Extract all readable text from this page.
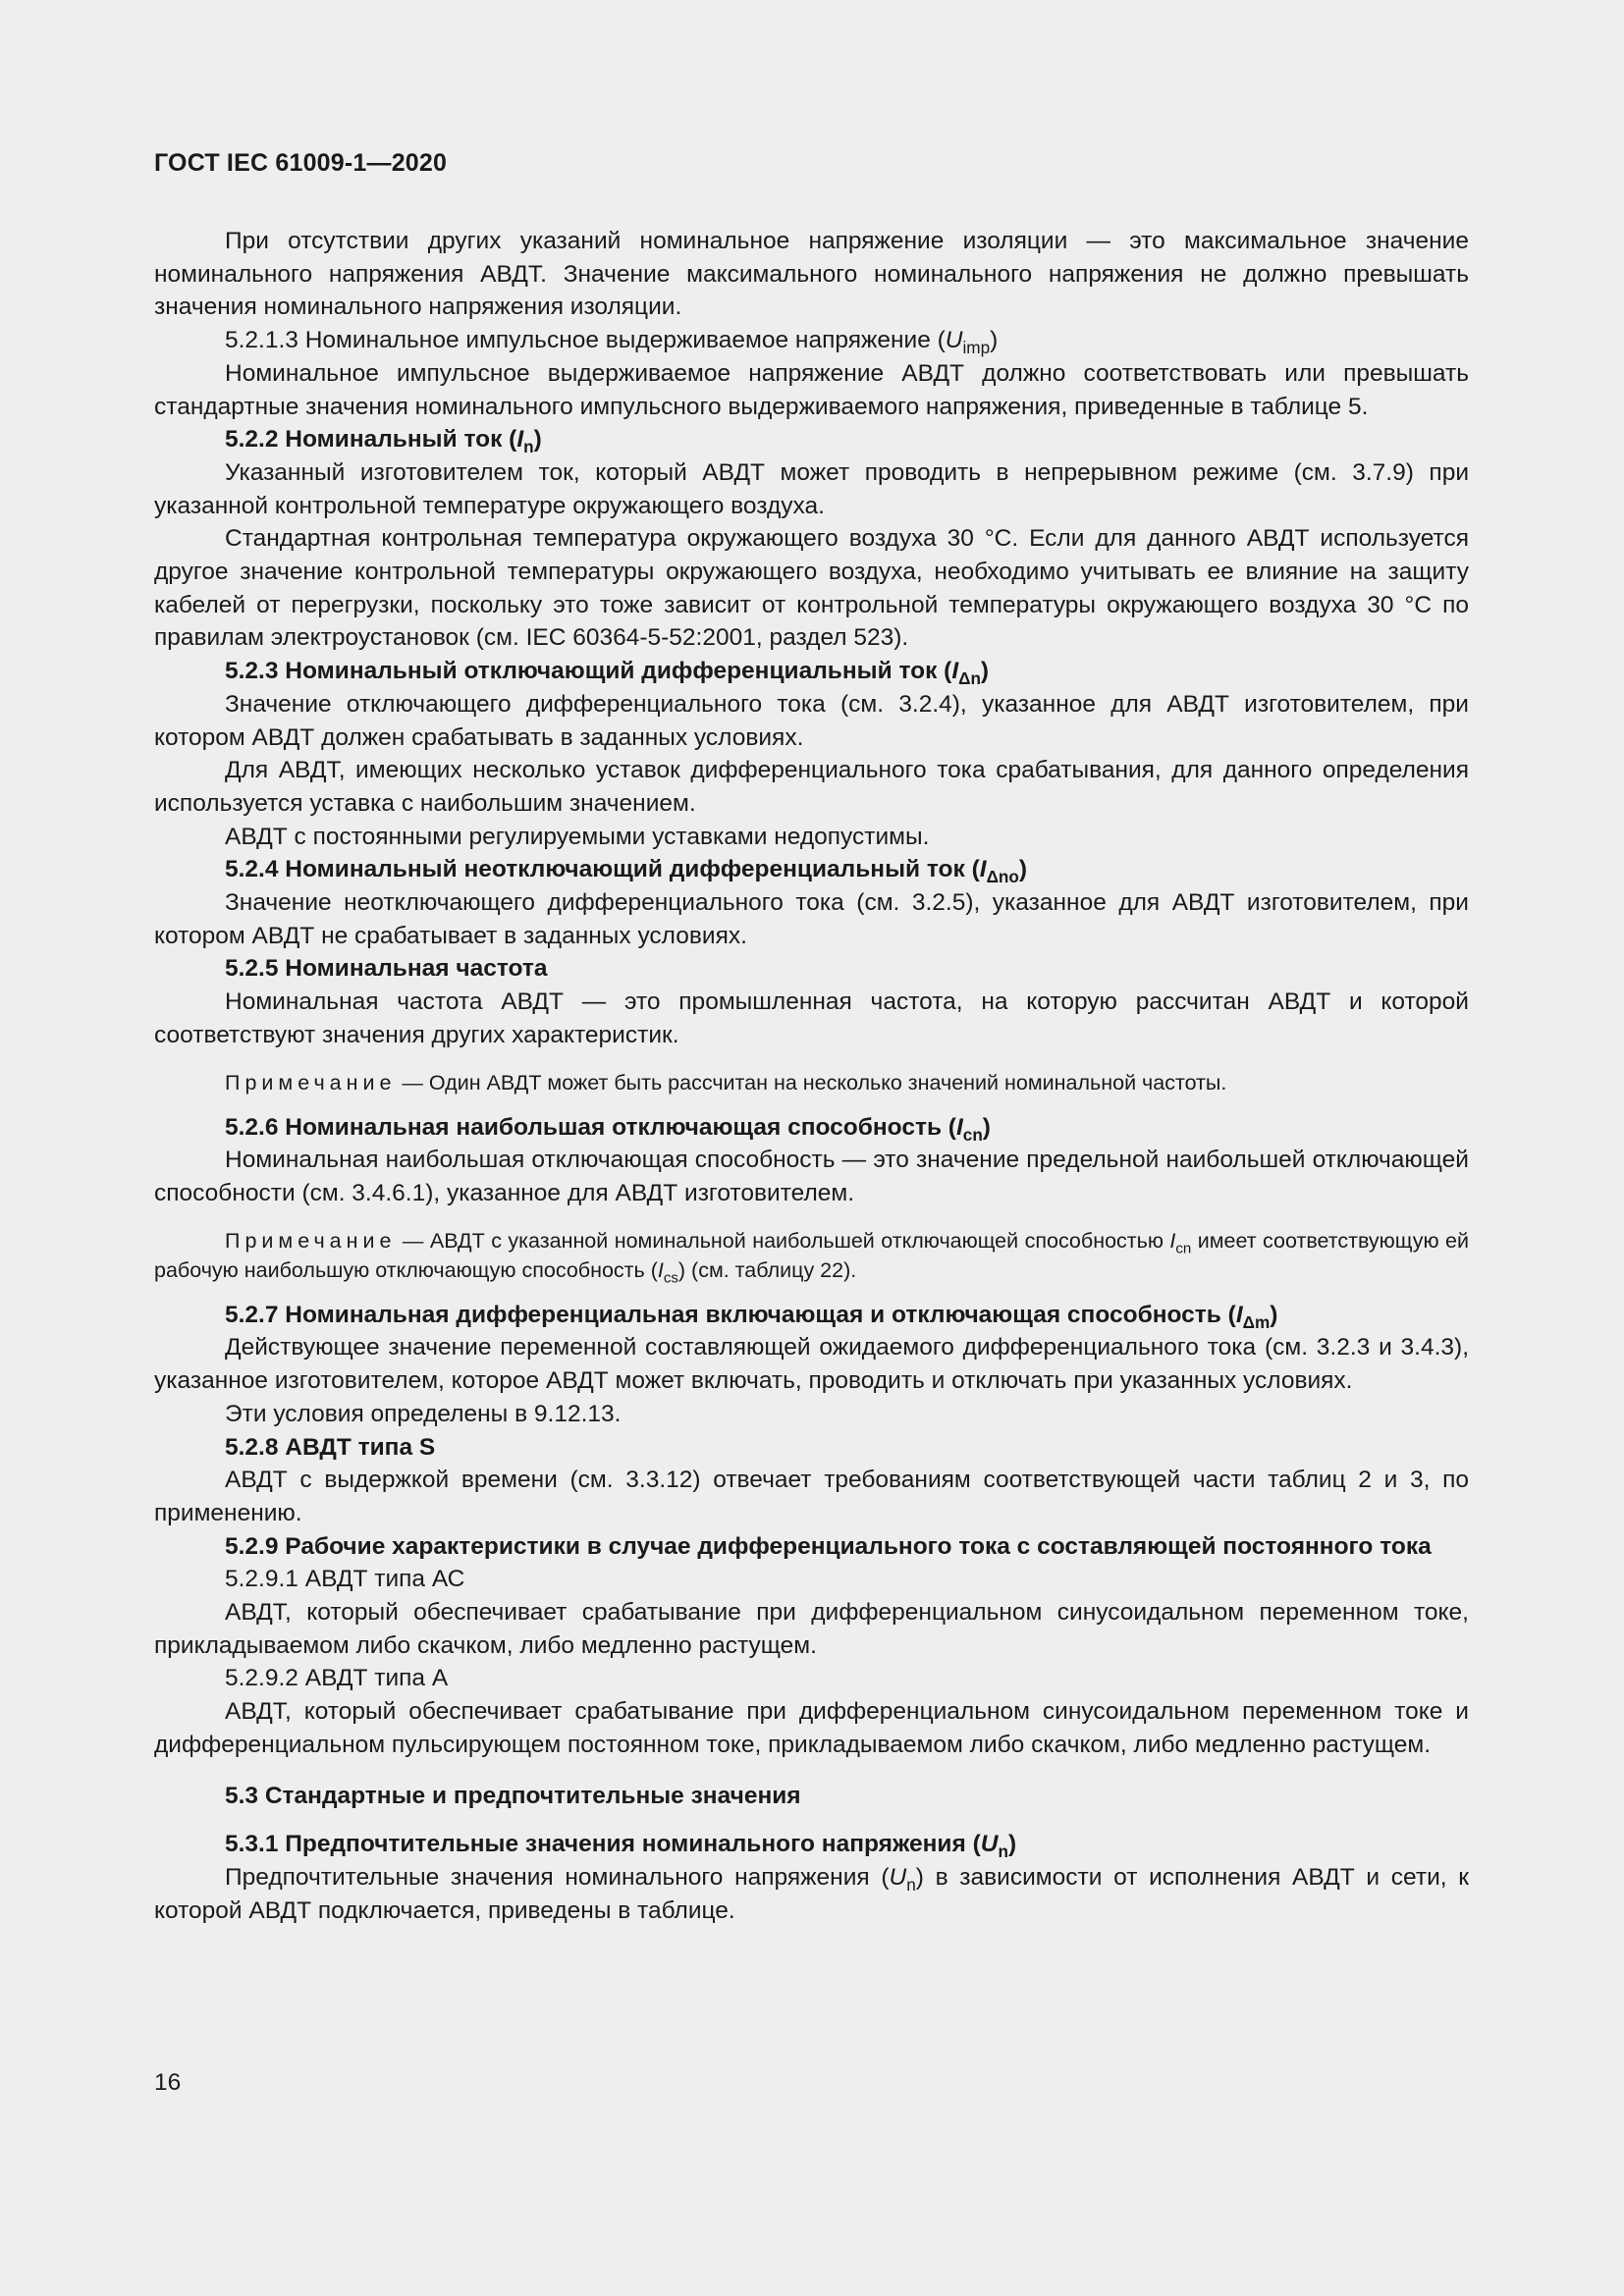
ГОСТ IEC 61009-1—2020

При отсутствии других указаний номинальное напряжение изоляции — это максимальное значение номинального напряжения АВДТ. Значение максимального номинального напряжения не должно превышать значения номинального напряжения изоляции.

5.2.1.3 Номинальное импульсное выдерживаемое напряжение $(U_{imp})$

Номинальное импульсное выдерживаемое напряжение АВДТ должно соответствовать или превышать стандартные значения номинального импульсного выдерживаемого напряжения, приведенные в таблице 5.

5.2.2 Номинальный ток $(I_n)$

Указанный изготовителем ток, который АВДТ может проводить в непрерывном режиме (см. 3.7.9) при указанной контрольной температуре окружающего воздуха.

Стандартная контрольная температура окружающего воздуха 30 °С. Если для данного АВДТ используется другое значение контрольной температуры окружающего воздуха, необходимо учитывать ее влияние на защиту кабелей от перегрузки, поскольку это тоже зависит от контрольной температуры окружающего воздуха 30 °С по правилам электроустановок (см. IEC 60364-5-52:2001, раздел 523).

5.2.3 Номинальный отключающий дифференциальный ток $(I_{\Delta n})$

Значение отключающего дифференциального тока (см. 3.2.4), указанное для АВДТ изготовителем, при котором АВДТ должен срабатывать в заданных условиях.

Для АВДТ, имеющих несколько уставок дифференциального тока срабатывания, для данного определения используется уставка с наибольшим значением.

АВДТ с постоянными регулируемыми уставками недопустимы.

5.2.4 Номинальный неотключающий дифференциальный ток $(I_{\Delta no})$

Значение неотключающего дифференциального тока (см. 3.2.5), указанное для АВДТ изготовителем, при котором АВДТ не срабатывает в заданных условиях.

5.2.5 Номинальная частота

Номинальная частота АВДТ — это промышленная частота, на которую рассчитан АВДТ и которой соответствуют значения других характеристик.

Примечание — Один АВДТ может быть рассчитан на несколько значений номинальной частоты.

5.2.6 Номинальная наибольшая отключающая способность $(I_{cn})$

Номинальная наибольшая отключающая способность — это значение предельной наибольшей отключающей способности (см. 3.4.6.1), указанное для АВДТ изготовителем.

Примечание — АВДТ с указанной номинальной наибольшей отключающей способностью $I_{cn}$ имеет соответствующую ей рабочую наибольшую отключающую способность $(I_{cs})$ (см. таблицу 22).

5.2.7 Номинальная дифференциальная включающая и отключающая способность $(I_{\Delta m})$

Действующее значение переменной составляющей ожидаемого дифференциального тока (см. 3.2.3 и 3.4.3), указанное изготовителем, которое АВДТ может включать, проводить и отключать при указанных условиях.

Эти условия определены в 9.12.13.

5.2.8 АВДТ типа S

АВДТ с выдержкой времени (см. 3.3.12) отвечает требованиям соответствующей части таблиц 2 и 3, по применению.

5.2.9 Рабочие характеристики в случае дифференциального тока с составляющей постоянного тока

5.2.9.1 АВДТ типа АС

АВДТ, который обеспечивает срабатывание при дифференциальном синусоидальном переменном токе, прикладываемом либо скачком, либо медленно растущем.

5.2.9.2 АВДТ типа А

АВДТ, который обеспечивает срабатывание при дифференциальном синусоидальном переменном токе и дифференциальном пульсирующем постоянном токе, прикладываемом либо скачком, либо медленно растущем.

5.3 Стандартные и предпочтительные значения

5.3.1 Предпочтительные значения номинального напряжения $(U_n)$

Предпочтительные значения номинального напряжения $(U_n)$ в зависимости от исполнения АВДТ и сети, к которой АВДТ подключается, приведены в таблице.

16
